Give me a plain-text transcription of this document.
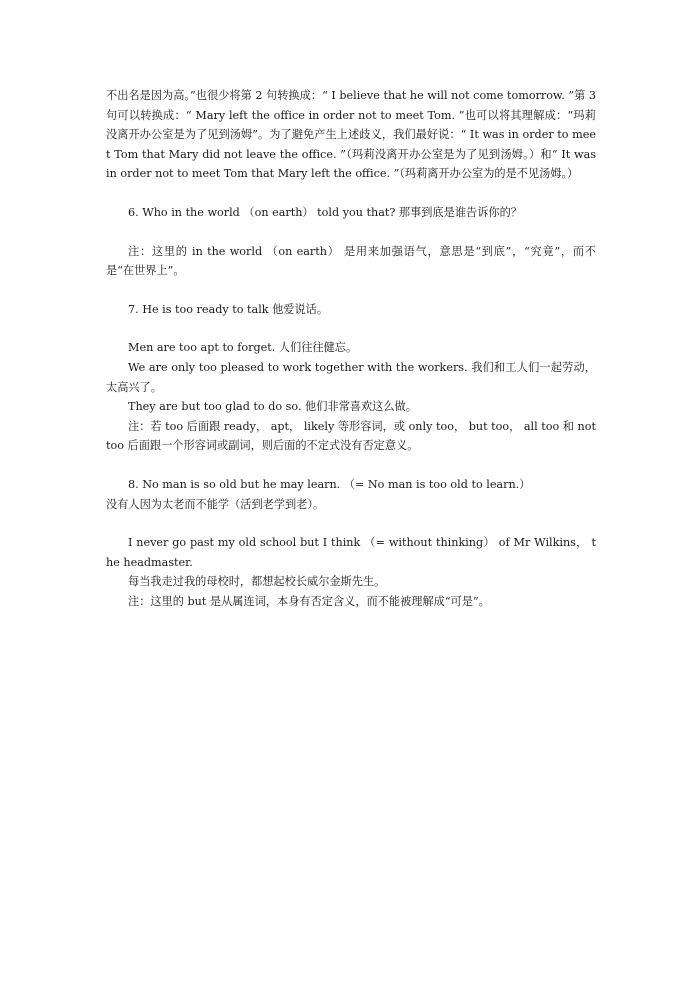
不出名是因为高。”也很少将第 2 句转换成：“ I believe that he will not come tomorrow. ”第 3 句可以转换成：“ Mary left the office in order not to meet Tom. ”也可以将其理解成：“玛莉没离开办公室是为了见到汤姆”。为了避免产生上述歧义，我们最好说：“ It was in order to meet Tom that Mary did not leave the office. ”（玛莉没离开办公室是为了见到汤姆。）和“ It was in order not to meet Tom that Mary left the office. ”（玛莉离开办公室为的是不见汤姆。）

6. Who in the world （on earth） told you that? 那事到底是谁告诉你的？

注：这里的 in the world （on earth） 是用来加强语气，意思是“到底”，“究竟”，而不是“在世界上”。

7. He is too ready to talk 他爱说话。

Men are too apt to forget. 人们往往健忘。

We are only too pleased to work together with the workers. 我们和工人们一起劳动，太高兴了。

They are but too glad to do so. 他们非常喜欢这么做。

注：若 too 后面跟 ready， apt， likely 等形容词，或 only too， but too， all too 和 not too 后面跟一个形容词或副词，则后面的不定式没有否定意义。

8. No man is so old but he may learn. （= No man is too old to learn.）

没有人因为太老而不能学（活到老学到老）。

I never go past my old school but I think （= without thinking） of Mr Wilkins， the headmaster.

每当我走过我的母校时，都想起校长威尔金斯先生。

注：这里的 but 是从属连词，本身有否定含义，而不能被理解成“可是”。
